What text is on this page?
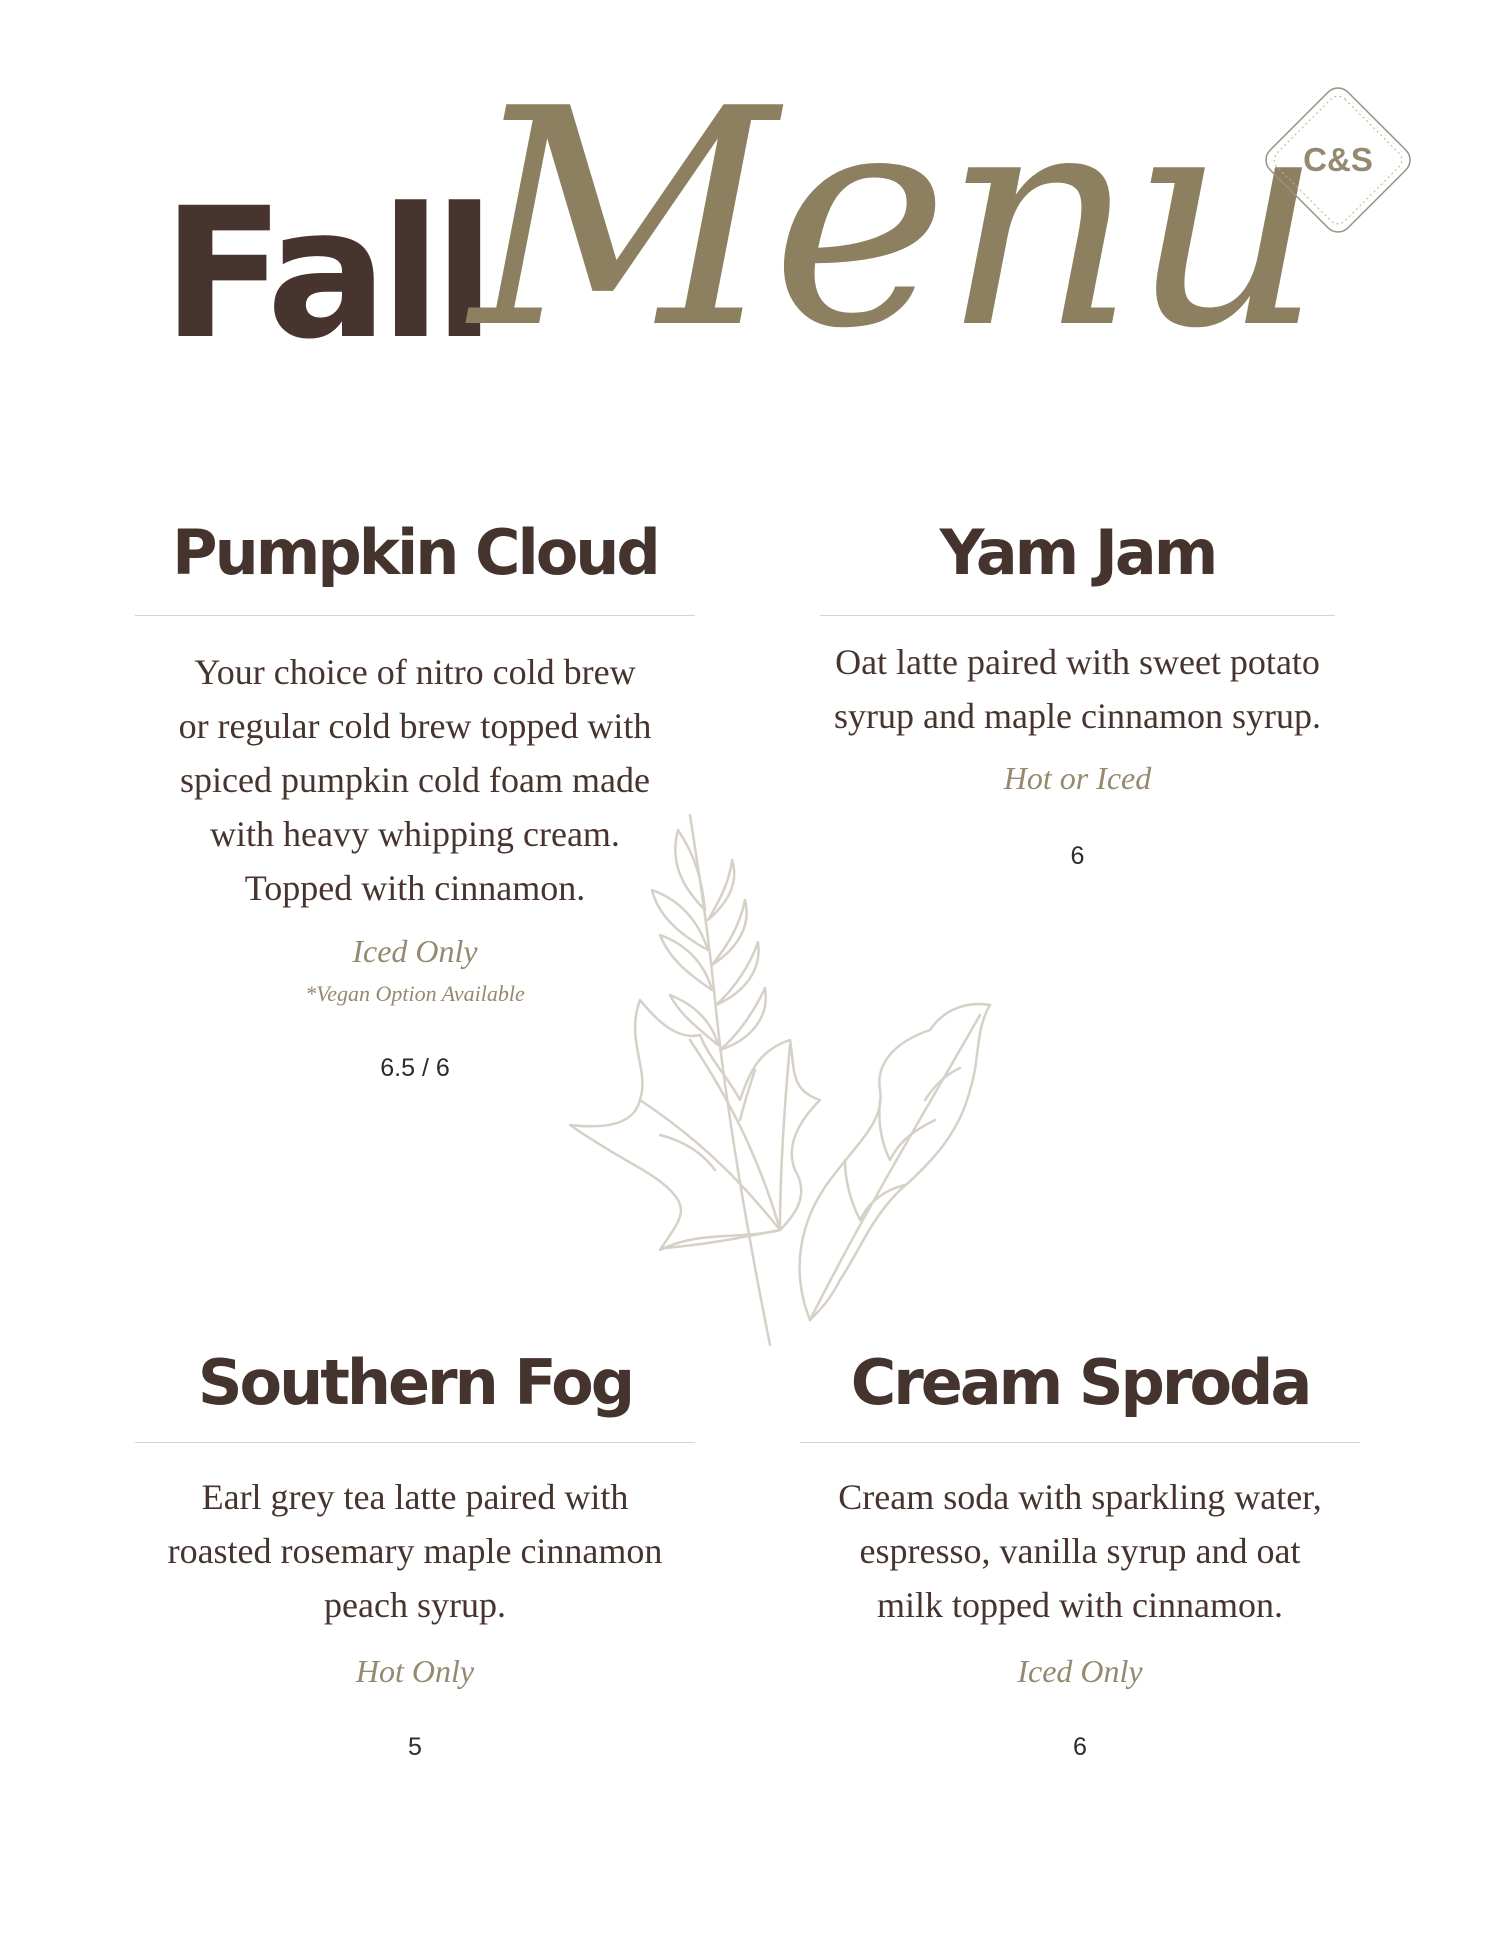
Fall
Menu
C&S
Pumpkin Cloud

Your choice of nitro cold brew

or regular cold brew topped with

spiced pumpkin cold foam made

with heavy whipping cream.

Topped with cinnamon.

Iced Only

*Vegan Option Available

6.5 / 6

Yam Jam

Oat latte paired with sweet potato

syrup and maple cinnamon syrup.

Hot or Iced

6

Southern Fog

Earl grey tea latte paired with

roasted rosemary maple cinnamon

peach syrup.

Hot Only

5

Cream Sproda

Cream soda with sparkling water,

espresso, vanilla syrup and oat

milk topped with cinnamon.

Iced Only

6
